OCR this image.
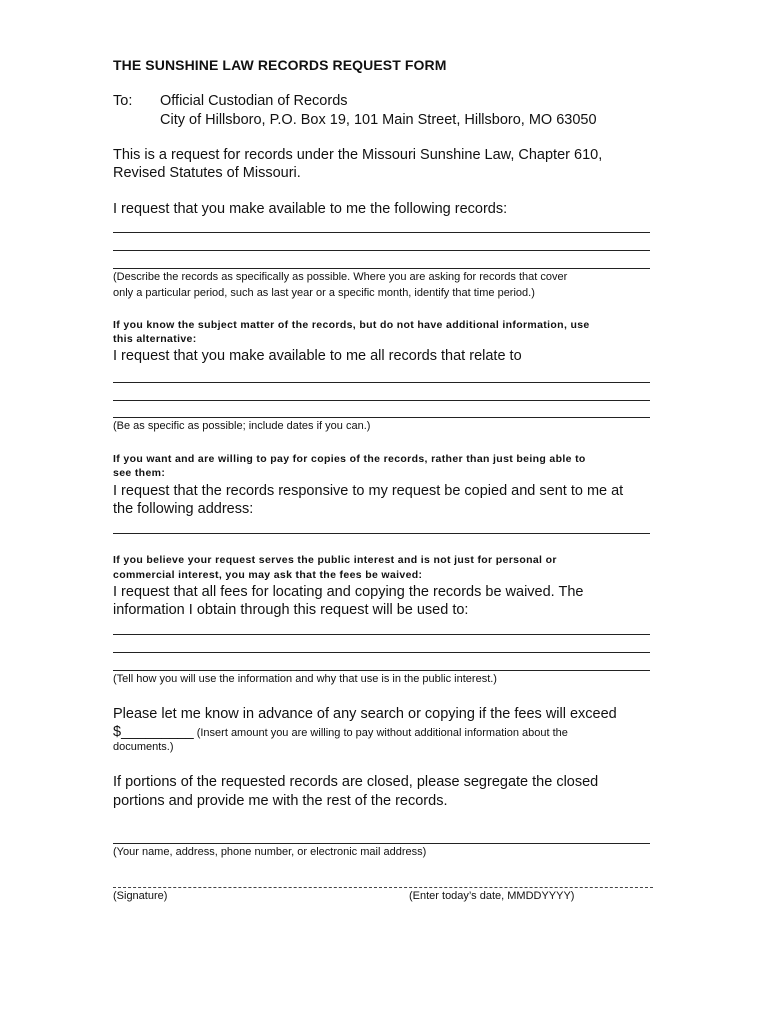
THE SUNSHINE LAW RECORDS REQUEST FORM
To: Official Custodian of Records
City of Hillsboro, P.O. Box 19, 101 Main Street, Hillsboro, MO 63050
This is a request for records under the Missouri Sunshine Law, Chapter 610,
Revised Statutes of Missouri.
I request that you make available to me the following records:
(Describe the records as specifically as possible. Where you are asking for records that cover
only a particular period, such as last year or a specific month, identify that time period.)
If you know the subject matter of the records, but do not have additional information, use
this alternative:
I request that you make available to me all records that relate to
(Be as specific as possible; include dates if you can.)
If you want and are willing to pay for copies of the records, rather than just being able to
see them:
I request that the records responsive to my request be copied and sent to me at
the following address:
If you believe your request serves the public interest and is not just for personal or
commercial interest, you may ask that the fees be waived:
I request that all fees for locating and copying the records be waived. The
information I obtain through this request will be used to:
(Tell how you will use the information and why that use is in the public interest.)
Please let me know in advance of any search or copying if the fees will exceed
$_________ (Insert amount you are willing to pay without additional information about the
documents.)
If portions of the requested records are closed, please segregate the closed
portions and provide me with the rest of the records.
(Your name, address, phone number, or electronic mail address)
(Signature)	(Enter today’s date, MMDDYYYY)
